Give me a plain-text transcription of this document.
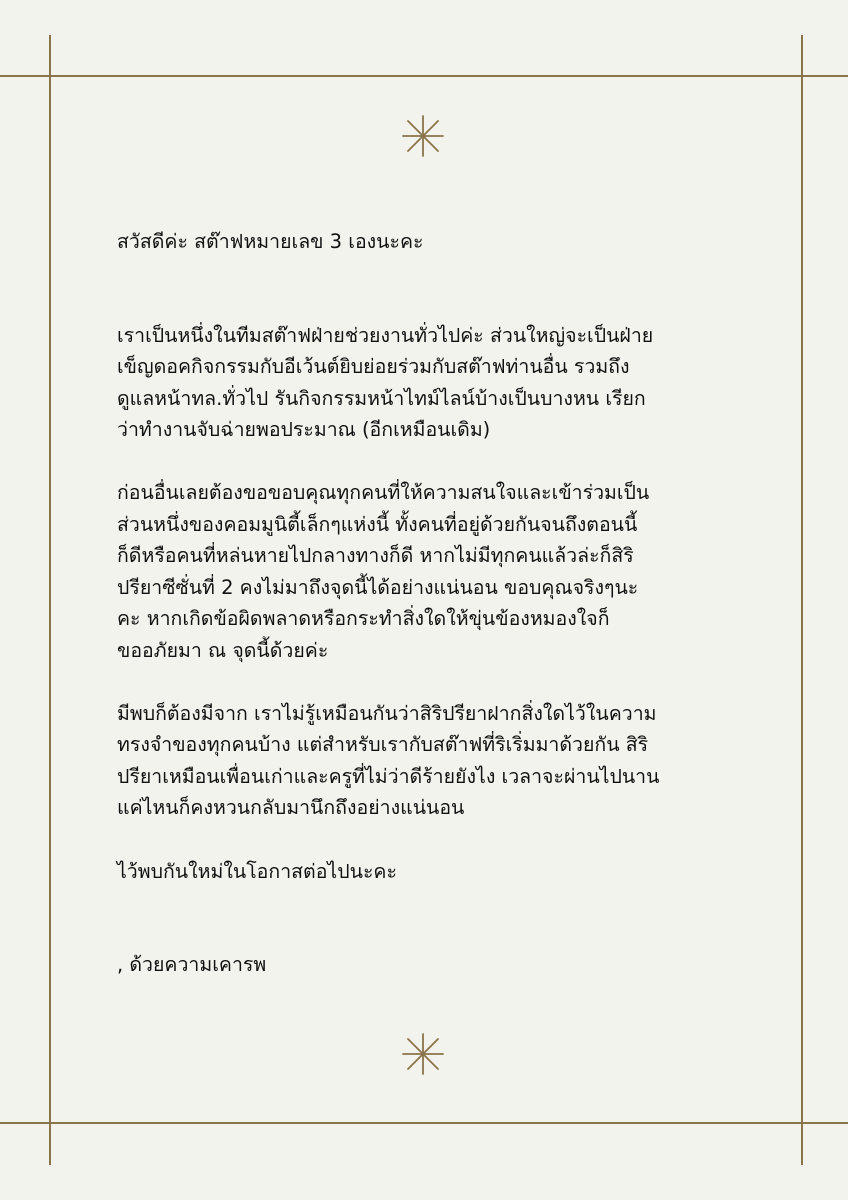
สวัสดีค่ะ สต๊าฟหมายเลข 3 เองนะคะ

เราเป็นหนึ่งในทีมสต๊าฟฝ่ายช่วยงานทั่วไปค่ะ ส่วนใหญ่จะเป็นฝ่าย
เข็ญดอคกิจกรรมกับอีเว้นต์ยิบย่อยร่วมกับสต๊าฟท่านอื่น รวมถึง
ดูแลหน้าทล.ทั่วไป รันกิจกรรมหน้าไทม์ไลน์บ้างเป็นบางหน เรียก
ว่าทำงานจับฉ่ายพอประมาณ (อีกเหมือนเดิม)

ก่อนอื่นเลยต้องขอขอบคุณทุกคนที่ให้ความสนใจและเข้าร่วมเป็น
ส่วนหนึ่งของคอมมูนิตี้เล็กๆแห่งนี้ ทั้งคนที่อยู่ด้วยกันจนถึงตอนนี้
ก็ดีหรือคนที่หล่นหายไปกลางทางก็ดี หากไม่มีทุกคนแล้วล่ะก็สิริ
ปรียาซีซั่นที่ 2 คงไม่มาถึงจุดนี้ได้อย่างแน่นอน ขอบคุณจริงๆนะ
คะ หากเกิดข้อผิดพลาดหรือกระทำสิ่งใดให้ขุ่นข้องหมองใจก็
ขออภัยมา ณ จุดนี้ด้วยค่ะ

มีพบก็ต้องมีจาก เราไม่รู้เหมือนกันว่าสิริปรียาฝากสิ่งใดไว้ในความ
ทรงจำของทุกคนบ้าง แต่สำหรับเรากับสต๊าฟที่ริเริ่มมาด้วยกัน สิริ
ปรียาเหมือนเพื่อนเก่าและครูที่ไม่ว่าดีร้ายยังไง เวลาจะผ่านไปนาน
แค่ไหนก็คงหวนกลับมานึกถึงอย่างแน่นอน

ไว้พบกันใหม่ในโอกาสต่อไปนะคะ

, ด้วยความเคารพ
